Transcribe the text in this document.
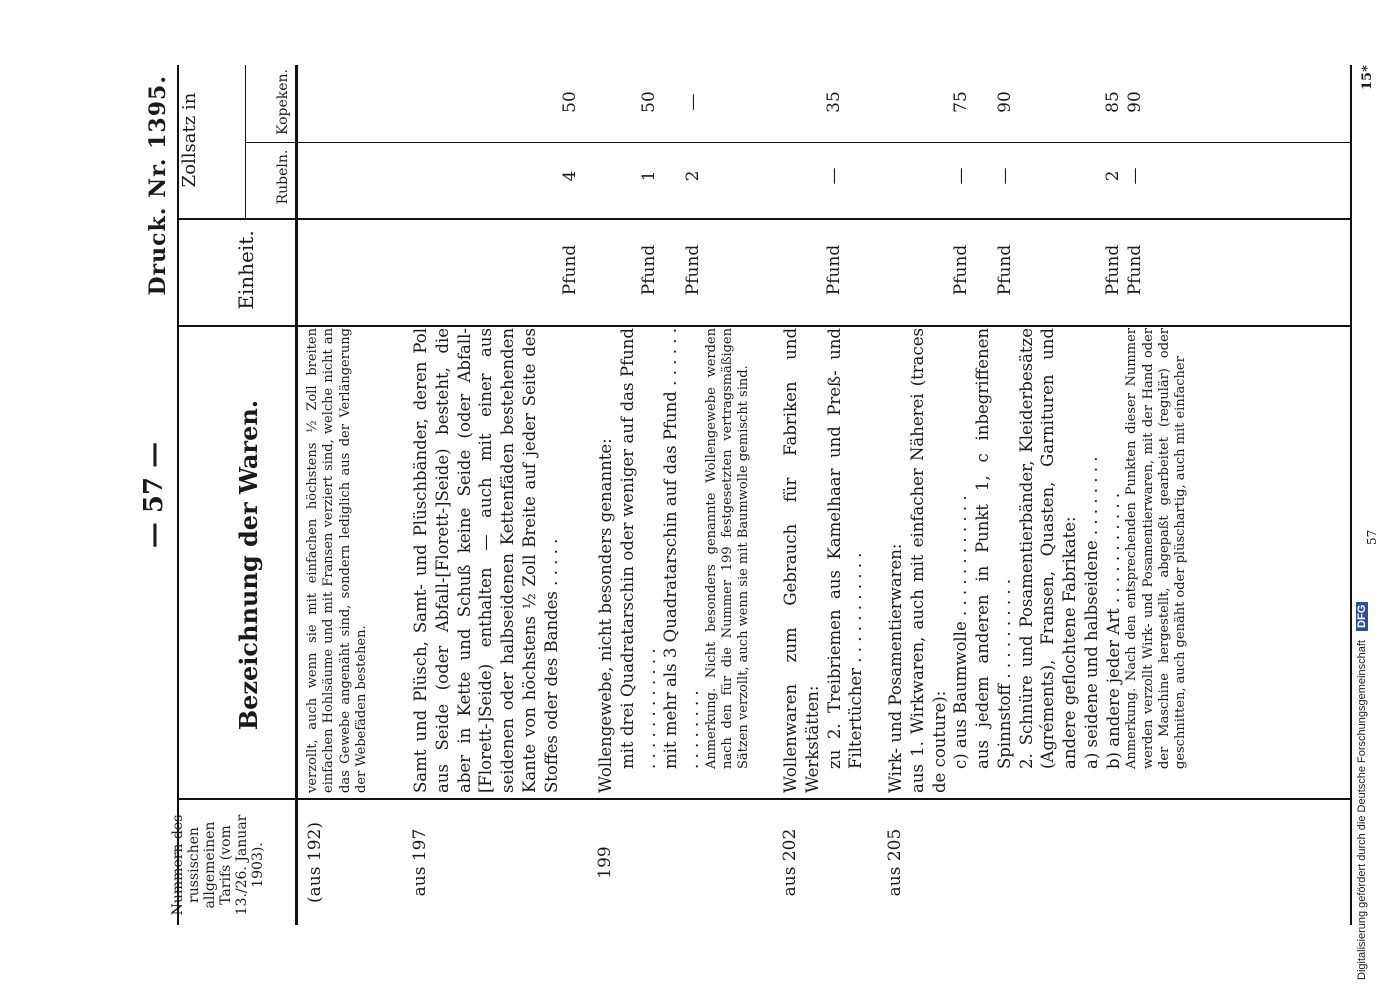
— 57 —
Druck. Nr. 1395.
Nummern des russischen allgemeinen Tarifs (vom 13./26. Januar 1903).
Bezeichnung der Waren.
Einheit.
Zollsatz in	Rubeln.
Kopeken.
(aus 192)
verzollt, auch wenn sie mit einfachen höchstens ½ Zoll breiten einfachen Hohlsäume und mit Fransen verziert sind, welche nicht an das Gewebe angenäht sind, sondern lediglich aus der Verlängerung der Webefäden bestehen.
aus 197
Samt und Plüsch, Samt- und Plüschbänder, deren Pol aus Seide (oder Abfall-[Florett-]Seide) besteht, die aber in Kette und Schuß keine Seide (oder Abfall-[Florett-]Seide) enthalten — auch mit einer aus seidenen oder halbseidenen Kettenfäden bestehenden Kante von höchstens ½ Zoll Breite auf jeder Seite des Stoffes oder des Bandes . . . . .
Pfund
4
50
199
Wollengewebe, nicht besonders genannte: mit drei Quadratarschin oder weniger auf das Pfund . . . . . . . . . . . . mit mehr als 3 Quadratarschin auf das Pfund . . . . . . . . . . . . . . Anmerkung. Nicht besonders genannte Wollengewebe werden nach den für die Nummer 199 festgesetzten vertragsmäßigen Sätzen verzollt, auch wenn sie mit Baumwolle gemischt sind.
Pfund
1
50
Pfund
2
—
aus 202
Wollenwaren zum Gebrauch für Fabriken und Werkstätten: zu 2. Treibriemen aus Kamelhaar und Preß- und Filtertücher . . . . . . . . . . .
Pfund
—
35
aus 205
Wirk- und Posamentierwaren: aus 1. Wirkwaren, auch mit einfacher Näherei (traces de couture): c) aus Baumwolle . . . . . . . . . . . . aus jedem anderen in Punkt 1, c inbegriffenen Spinnstoff . . . . . . . . . . 2. Schnüre und Posamentierbänder, Kleiderbesätze (Agréments), Fransen, Quasten, Garnituren und andere geflochtene Fabrikate: a) seidene und halbseidene . . . . . . . . b) andere jeder Art . . . . . . . . . . . Anmerkung. Nach den entsprechenden Punkten dieser Nummer werden verzollt Wirk- und Posamentierwaren, mit der Hand oder der Maschine hergestellt, abgepaßt gearbeitet (regulär) oder geschnitten, auch genäht oder plüschartig, auch mit einfacher
Pfund
—
75
Pfund
—
90
Pfund
2
85
Pfund
—
90
57
15*
Digitalisierung gefördert durch die Deutsche Forschungsgemeinschaft DFG
